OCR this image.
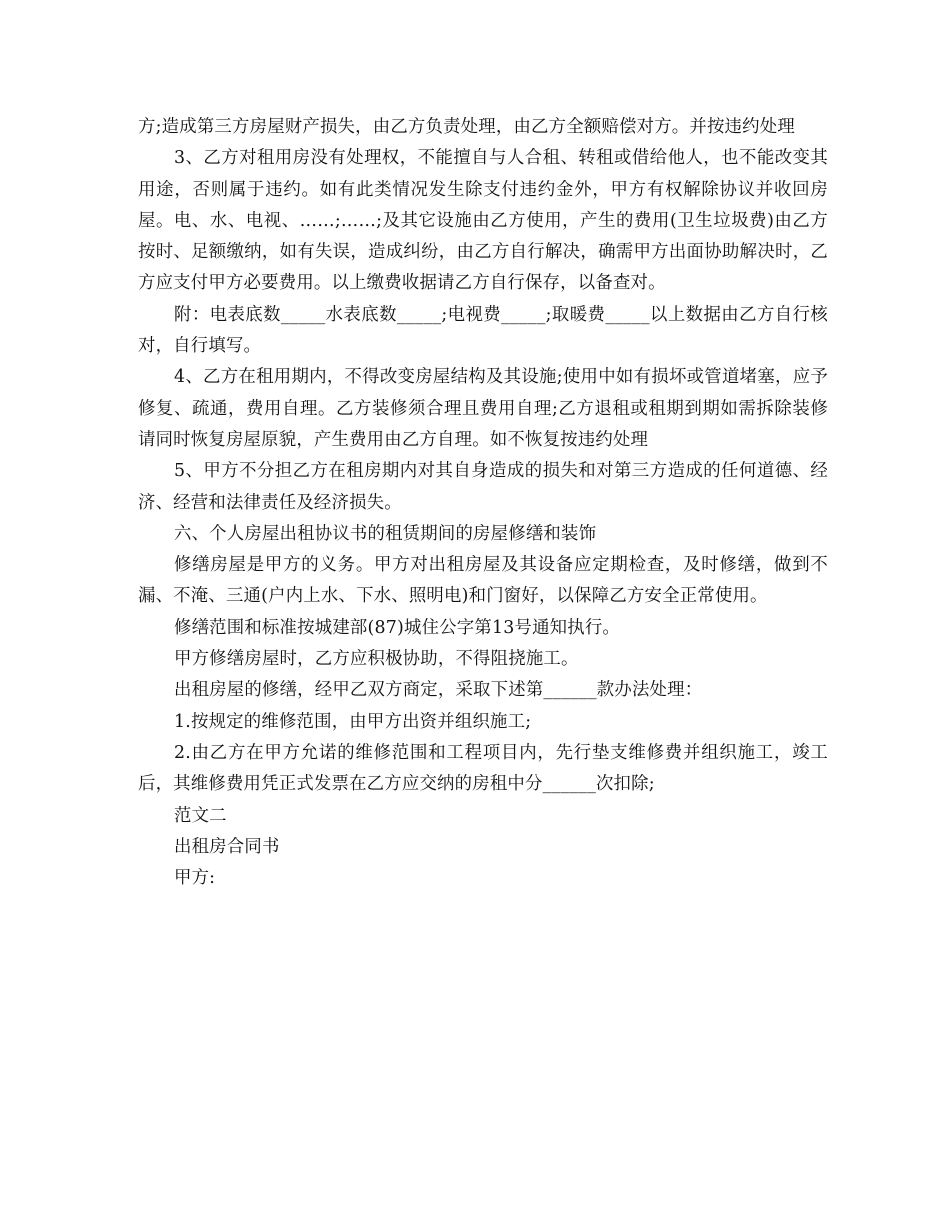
方;造成第三方房屋财产损失，由乙方负责处理，由乙方全额赔偿对方。并按违约处理

3、乙方对租用房没有处理权，不能擅自与人合租、转租或借给他人，也不能改变其用途，否则属于违约。如有此类情况发生除支付违约金外，甲方有权解除协议并收回房屋。电、水、电视、……;……;及其它设施由乙方使用，产生的费用(卫生垃圾费)由乙方按时、足额缴纳，如有失误，造成纠纷，由乙方自行解决，确需甲方出面协助解决时，乙方应支付甲方必要费用。以上缴费收据请乙方自行保存，以备查对。

附：电表底数_____水表底数_____;电视费_____;取暖费_____以上数据由乙方自行核对，自行填写。

4、乙方在租用期内，不得改变房屋结构及其设施;使用中如有损坏或管道堵塞，应予修复、疏通，费用自理。乙方装修须合理且费用自理;乙方退租或租期到期如需拆除装修请同时恢复房屋原貌，产生费用由乙方自理。如不恢复按违约处理

5、甲方不分担乙方在租房期内对其自身造成的损失和对第三方造成的任何道德、经济、经营和法律责任及经济损失。

六、个人房屋出租协议书的租赁期间的房屋修缮和装饰

修缮房屋是甲方的义务。甲方对出租房屋及其设备应定期检查，及时修缮，做到不漏、不淹、三通(户内上水、下水、照明电)和门窗好，以保障乙方安全正常使用。

修缮范围和标准按城建部(87)城住公字第13号通知执行。

甲方修缮房屋时，乙方应积极协助，不得阻挠施工。

出租房屋的修缮，经甲乙双方商定，采取下述第______款办法处理：

1.按规定的维修范围，由甲方出资并组织施工;

2.由乙方在甲方允诺的维修范围和工程项目内，先行垫支维修费并组织施工，竣工后，其维修费用凭正式发票在乙方应交纳的房租中分______次扣除;

范文二

出租房合同书

甲方:
